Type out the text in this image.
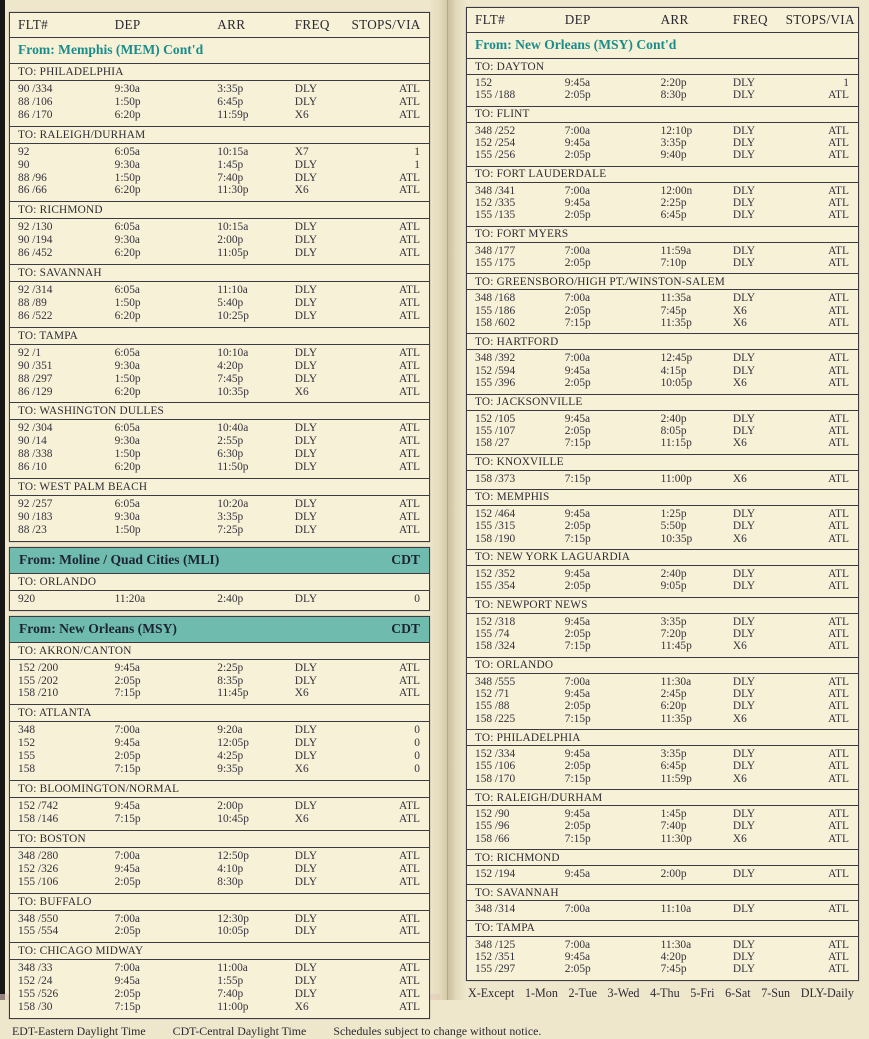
FLT#	DEP	ARR	FREQ	STOPS/VIA
From: Memphis (MEM) Cont'd
TO: PHILADELPHIA
90 /334	9:30a	3:35p	DLY	ATL
88 /106	1:50p	6:45p	DLY	ATL
86 /170	6:20p	11:59p	X6	ATL
TO: RALEIGH/DURHAM
92	6:05a	10:15a	X7	1
90	9:30a	1:45p	DLY	1
88 /96	1:50p	7:40p	DLY	ATL
86 /66	6:20p	11:30p	X6	ATL
TO: RICHMOND
92 /130	6:05a	10:15a	DLY	ATL
90 /194	9:30a	2:00p	DLY	ATL
86 /452	6:20p	11:05p	DLY	ATL
TO: SAVANNAH
92 /314	6:05a	11:10a	DLY	ATL
88 /89	1:50p	5:40p	DLY	ATL
86 /522	6:20p	10:25p	DLY	ATL
TO: TAMPA
92 /1	6:05a	10:10a	DLY	ATL
90 /351	9:30a	4:20p	DLY	ATL
88 /297	1:50p	7:45p	DLY	ATL
86 /129	6:20p	10:35p	X6	ATL
TO: WASHINGTON DULLES
92 /304	6:05a	10:40a	DLY	ATL
90 /14	9:30a	2:55p	DLY	ATL
88 /338	1:50p	6:30p	DLY	ATL
86 /10	6:20p	11:50p	DLY	ATL
TO: WEST PALM BEACH
92 /257	6:05a	10:20a	DLY	ATL
90 /183	9:30a	3:35p	DLY	ATL
88 /23	1:50p	7:25p	DLY	ATL
From: Moline / Quad Cities (MLI)	CDT
TO: ORLANDO
920	11:20a	2:40p	DLY	0
From: New Orleans (MSY)	CDT
TO: AKRON/CANTON
152 /200	9:45a	2:25p	DLY	ATL
155 /202	2:05p	8:35p	DLY	ATL
158 /210	7:15p	11:45p	X6	ATL
TO: ATLANTA
348	7:00a	9:20a	DLY	0
152	9:45a	12:05p	DLY	0
155	2:05p	4:25p	DLY	0
158	7:15p	9:35p	X6	0
TO: BLOOMINGTON/NORMAL
152 /742	9:45a	2:00p	DLY	ATL
158 /146	7:15p	10:45p	X6	ATL
TO: BOSTON
348 /280	7:00a	12:50p	DLY	ATL
152 /326	9:45a	4:10p	DLY	ATL
155 /106	2:05p	8:30p	DLY	ATL
TO: BUFFALO
348 /550	7:00a	12:30p	DLY	ATL
155 /554	2:05p	10:05p	DLY	ATL
TO: CHICAGO MIDWAY
348 /33	7:00a	11:00a	DLY	ATL
152 /24	9:45a	1:55p	DLY	ATL
155 /526	2:05p	7:40p	DLY	ATL
158 /30	7:15p	11:00p	X6	ATL
EDT-Eastern Daylight Time CDT-Central Daylight Time Schedules subject to change without notice.
FLT#	DEP	ARR	FREQ	STOPS/VIA
From: New Orleans (MSY) Cont'd
TO: DAYTON
152	9:45a	2:20p	DLY	1
155 /188	2:05p	8:30p	DLY	ATL
TO: FLINT
348 /252	7:00a	12:10p	DLY	ATL
152 /254	9:45a	3:35p	DLY	ATL
155 /256	2:05p	9:40p	DLY	ATL
TO: FORT LAUDERDALE
348 /341	7:00a	12:00n	DLY	ATL
152 /335	9:45a	2:25p	DLY	ATL
155 /135	2:05p	6:45p	DLY	ATL
TO: FORT MYERS
348 /177	7:00a	11:59a	DLY	ATL
155 /175	2:05p	7:10p	DLY	ATL
TO: GREENSBORO/HIGH PT./WINSTON-SALEM
348 /168	7:00a	11:35a	DLY	ATL
155 /186	2:05p	7:45p	X6	ATL
158 /602	7:15p	11:35p	X6	ATL
TO: HARTFORD
348 /392	7:00a	12:45p	DLY	ATL
152 /594	9:45a	4:15p	DLY	ATL
155 /396	2:05p	10:05p	X6	ATL
TO: JACKSONVILLE
152 /105	9:45a	2:40p	DLY	ATL
155 /107	2:05p	8:05p	DLY	ATL
158 /27	7:15p	11:15p	X6	ATL
TO: KNOXVILLE
158 /373	7:15p	11:00p	X6	ATL
TO: MEMPHIS
152 /464	9:45a	1:25p	DLY	ATL
155 /315	2:05p	5:50p	DLY	ATL
158 /190	7:15p	10:35p	X6	ATL
TO: NEW YORK LAGUARDIA
152 /352	9:45a	2:40p	DLY	ATL
155 /354	2:05p	9:05p	DLY	ATL
TO: NEWPORT NEWS
152 /318	9:45a	3:35p	DLY	ATL
155 /74	2:05p	7:20p	DLY	ATL
158 /324	7:15p	11:45p	X6	ATL
TO: ORLANDO
348 /555	7:00a	11:30a	DLY	ATL
152 /71	9:45a	2:45p	DLY	ATL
155 /88	2:05p	6:20p	DLY	ATL
158 /225	7:15p	11:35p	X6	ATL
TO: PHILADELPHIA
152 /334	9:45a	3:35p	DLY	ATL
155 /106	2:05p	6:45p	DLY	ATL
158 /170	7:15p	11:59p	X6	ATL
TO: RALEIGH/DURHAM
152 /90	9:45a	1:45p	DLY	ATL
155 /96	2:05p	7:40p	DLY	ATL
158 /66	7:15p	11:30p	X6	ATL
TO: RICHMOND
152 /194	9:45a	2:00p	DLY	ATL
TO: SAVANNAH
348 /314	7:00a	11:10a	DLY	ATL
TO: TAMPA
348 /125	7:00a	11:30a	DLY	ATL
152 /351	9:45a	4:20p	DLY	ATL
155 /297	2:05p	7:45p	DLY	ATL
X-Except 1-Mon 2-Tue 3-Wed 4-Thu 5-Fri 6-Sat 7-Sun DLY-Daily
